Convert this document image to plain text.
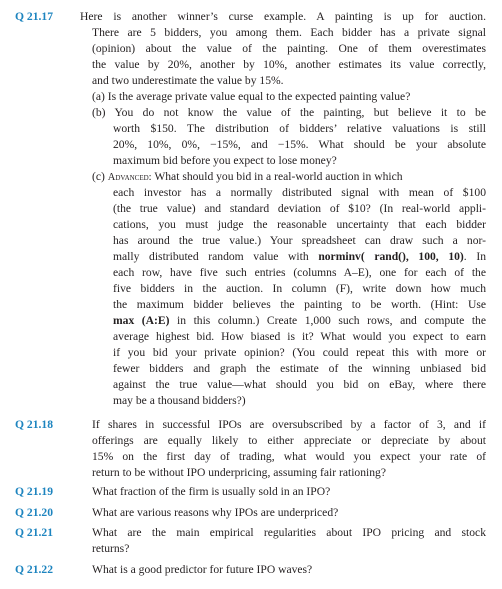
Q 21.17 Here is another winner’s curse example. A painting is up for auction.
There are 5 bidders, you among them. Each bidder has a private signal
(opinion) about the value of the painting. One of them overestimates
the value by 20%, another by 10%, another estimates its value correctly,
and two underestimate the value by 15%.
(a) Is the average private value equal to the expected painting value?
(b) You do not know the value of the painting, but believe it to be
worth $150. The distribution of bidders’ relative valuations is still
20%, 10%, 0%, −15%, and −15%. What should be your absolute
maximum bid before you expect to lose money?
(c) Advanced: What should you bid in a real-world auction in which
each investor has a normally distributed signal with mean of $100
(the true value) and standard deviation of $10? (In real-world appli-
cations, you must judge the reasonable uncertainty that each bidder
has around the true value.) Your spreadsheet can draw such a nor-
mally distributed random value with norminv( rand(), 100, 10). In
each row, have five such entries (columns A–E), one for each of the
five bidders in the auction. In column (F), write down how much
the maximum bidder believes the painting to be worth. (Hint: Use
max (A:E) in this column.) Create 1,000 such rows, and compute the
average highest bid. How biased is it? What would you expect to earn
if you bid your private opinion? (You could repeat this with more or
fewer bidders and graph the estimate of the winning unbiased bid
against the true value—what should you bid on eBay, where there
may be a thousand bidders?)
Q 21.18	If shares in successful IPOs are oversubscribed by a factor of 3, and if
offerings are equally likely to either appreciate or depreciate by about
15% on the first day of trading, what would you expect your rate of
return to be without IPO underpricing, assuming fair rationing?
Q 21.19	What fraction of the firm is usually sold in an IPO?
Q 21.20	What are various reasons why IPOs are underpriced?
Q 21.21	What are the main empirical regularities about IPO pricing and stock
returns?
Q 21.22	What is a good predictor for future IPO waves?
